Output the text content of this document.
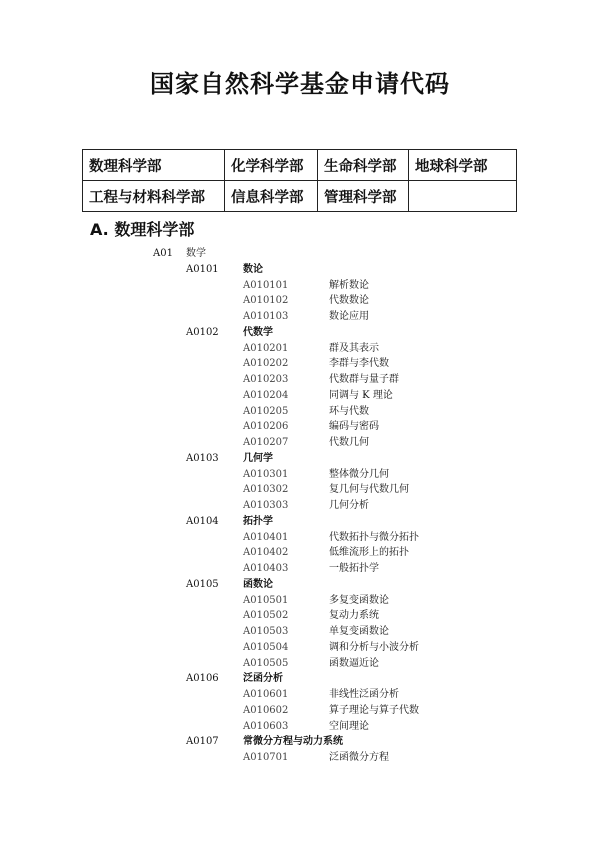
国家自然科学基金申请代码
数理科学部	化学科学部	生命科学部	地球科学部
工程与材料科学部	信息科学部	管理科学部	
A. 数理科学部
A01 数学
A0101 数论
A010101	解析数论
A010102	代数数论
A010103	数论应用
A0102 代数学
A010201	群及其表示
A010202	李群与李代数
A010203	代数群与量子群
A010204	同调与 K 理论
A010205	环与代数
A010206	编码与密码
A010207	代数几何
A0103 几何学
A010301	整体微分几何
A010302	复几何与代数几何
A010303	几何分析
A0104 拓扑学
A010401	代数拓扑与微分拓扑
A010402	低维流形上的拓扑
A010403	一般拓扑学
A0105 函数论
A010501	多复变函数论
A010502	复动力系统
A010503	单复变函数论
A010504	调和分析与小波分析
A010505	函数逼近论
A0106 泛函分析
A010601	非线性泛函分析
A010602	算子理论与算子代数
A010603	空间理论
A0107 常微分方程与动力系统
A010701	泛函微分方程
